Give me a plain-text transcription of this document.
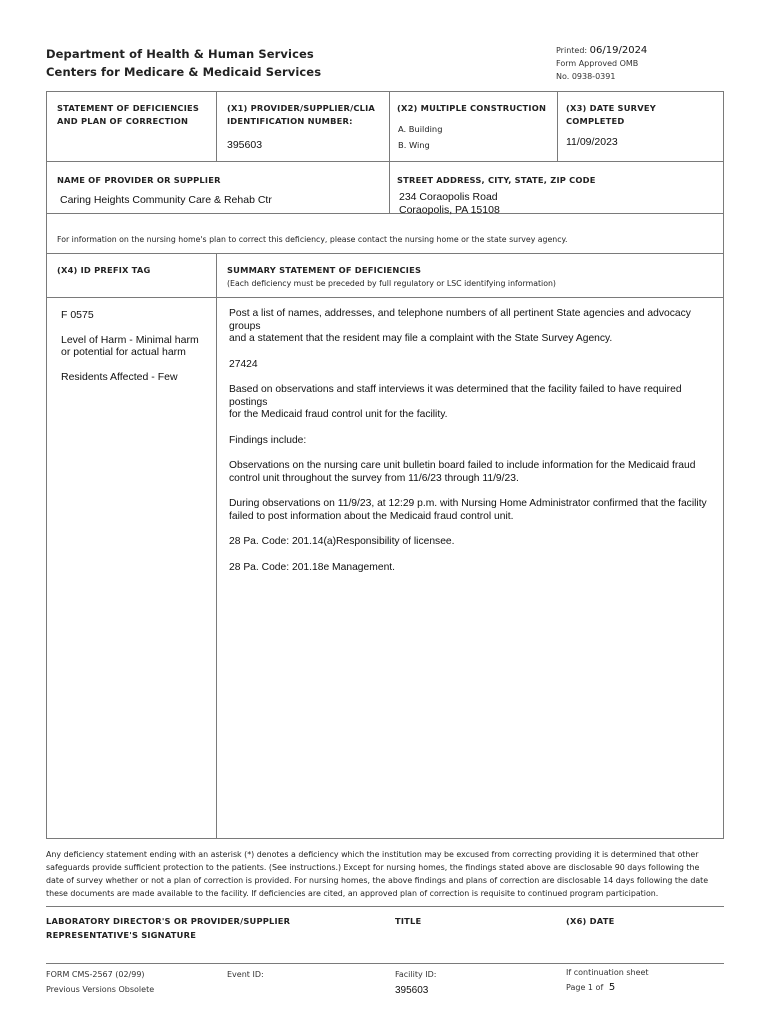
Department of Health & Human Services
Centers for Medicare & Medicaid Services
Printed: 06/19/2024
Form Approved OMB
No. 0938-0391
STATEMENT OF DEFICIENCIES
AND PLAN OF CORRECTION
(X1) PROVIDER/SUPPLIER/CLIA
IDENTIFICATION NUMBER:
395603
(X2) MULTIPLE CONSTRUCTION
A. Building
B. Wing
(X3) DATE SURVEY
COMPLETED
11/09/2023
NAME OF PROVIDER OR SUPPLIER
Caring Heights Community Care & Rehab Ctr
STREET ADDRESS, CITY, STATE, ZIP CODE
234 Coraopolis Road
Coraopolis, PA 15108
For information on the nursing home's plan to correct this deficiency, please contact the nursing home or the state survey agency.
(X4) ID PREFIX TAG	SUMMARY STATEMENT OF DEFICIENCIES
(Each deficiency must be preceded by full regulatory or LSC identifying information)
F 0575
Level of Harm - Minimal harm
or potential for actual harm
Residents Affected - Few

Post a list of names, addresses, and telephone numbers of all pertinent State agencies and advocacy groups

and a statement that the resident may file a complaint with the State Survey Agency.

27424

Based on observations and staff interviews it was determined that the facility failed to have required postings

for the Medicaid fraud control unit for the facility.

Findings include:

Observations on the nursing care unit bulletin board failed to include information for the Medicaid fraud

control unit throughout the survey from 11/6/23 through 11/9/23.

During observations on 11/9/23, at 12:29 p.m. with Nursing Home Administrator confirmed that the facility

failed to post information about the Medicaid fraud control unit.

28 Pa. Code: 201.14(a)Responsibility of licensee.

28 Pa. Code: 201.18e Management.

Any deficiency statement ending with an asterisk (*) denotes a deficiency which the institution may be excused from correcting providing it is determined that other
safeguards provide sufficient protection to the patients. (See instructions.) Except for nursing homes, the findings stated above are disclosable 90 days following the
date of survey whether or not a plan of correction is provided. For nursing homes, the above findings and plans of correction are disclosable 14 days following the date
these documents are made available to the facility. If deficiencies are cited, an approved plan of correction is requisite to continued program participation.
LABORATORY DIRECTOR'S OR PROVIDER/SUPPLIER
REPRESENTATIVE'S SIGNATURE
TITLE	(X6) DATE
FORM CMS-2567 (02/99)
Previous Versions Obsolete
Event ID:	Facility ID:
395603
If continuation sheet
Page 1 of 5
